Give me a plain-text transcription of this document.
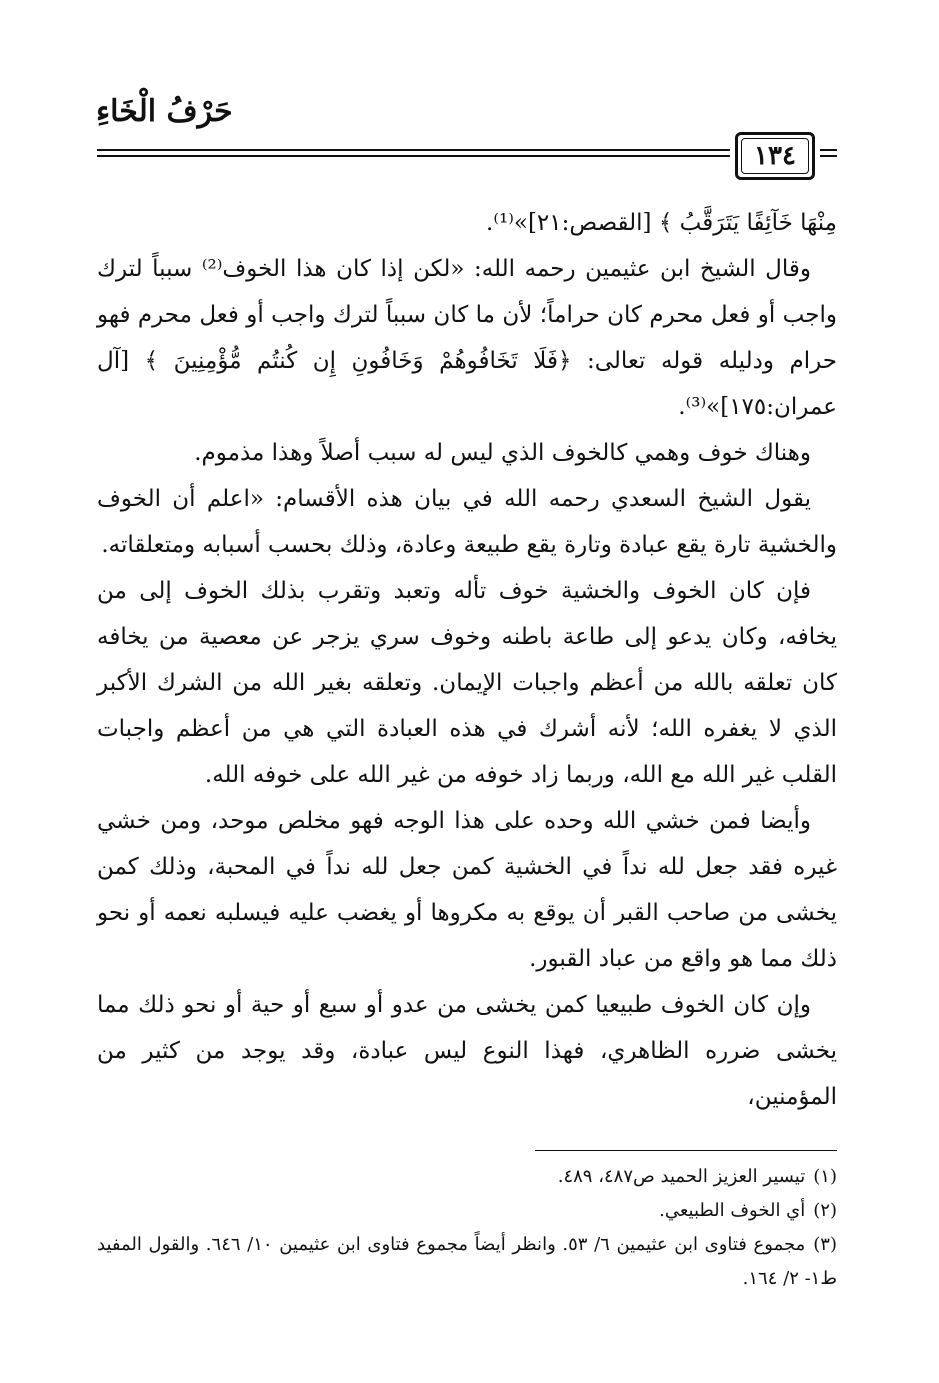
حَرْفُ الْخَاءِ
١٣٤

مِنْهَا خَآئِفًا يَتَرَقَّبُ ﴾ [القصص:٢١]»⁽¹⁾.

وقال الشيخ ابن عثيمين رحمه الله: «لكن إذا كان هذا الخوف⁽²⁾ سبباً لترك واجب أو فعل محرم كان حراماً؛ لأن ما كان سبباً لترك واجب أو فعل محرم فهو حرام ودليله قوله تعالى: ﴿فَلَا تَخَافُوهُمْ وَخَافُونِ إِن كُنتُم مُّؤْمِنِينَ ﴾ [آل عمران:١٧٥]»⁽³⁾.

وهناك خوف وهمي كالخوف الذي ليس له سبب أصلاً وهذا مذموم.

يقول الشيخ السعدي رحمه الله في بيان هذه الأقسام: «اعلم أن الخوف والخشية تارة يقع عبادة وتارة يقع طبيعة وعادة، وذلك بحسب أسبابه ومتعلقاته.

فإن كان الخوف والخشية خوف تأله وتعبد وتقرب بذلك الخوف إلى من يخافه، وكان يدعو إلى طاعة باطنه وخوف سري يزجر عن معصية من يخافه كان تعلقه بالله من أعظم واجبات الإيمان. وتعلقه بغير الله من الشرك الأكبر الذي لا يغفره الله؛ لأنه أشرك في هذه العبادة التي هي من أعظم واجبات القلب غير الله مع الله، وربما زاد خوفه من غير الله على خوفه الله.

وأيضا فمن خشي الله وحده على هذا الوجه فهو مخلص موحد، ومن خشي غيره فقد جعل لله نداً في الخشية كمن جعل لله نداً في المحبة، وذلك كمن يخشى من صاحب القبر أن يوقع به مكروها أو يغضب عليه فيسلبه نعمه أو نحو ذلك مما هو واقع من عباد القبور.

وإن كان الخوف طبيعيا كمن يخشى من عدو أو سبع أو حية أو نحو ذلك مما يخشى ضرره الظاهري، فهذا النوع ليس عبادة، وقد يوجد من كثير من المؤمنين،

(١)تيسير العزيز الحميد ص٤٨٧، ٤٨٩.

(٢)أي الخوف الطبيعي.

(٣)مجموع فتاوى ابن عثيمين ٦/ ٥٣. وانظر أيضاً مجموع فتاوى ابن عثيمين ١٠/ ٦٤٦. والقول المفيد ط١- ٢/ ١٦٤.
